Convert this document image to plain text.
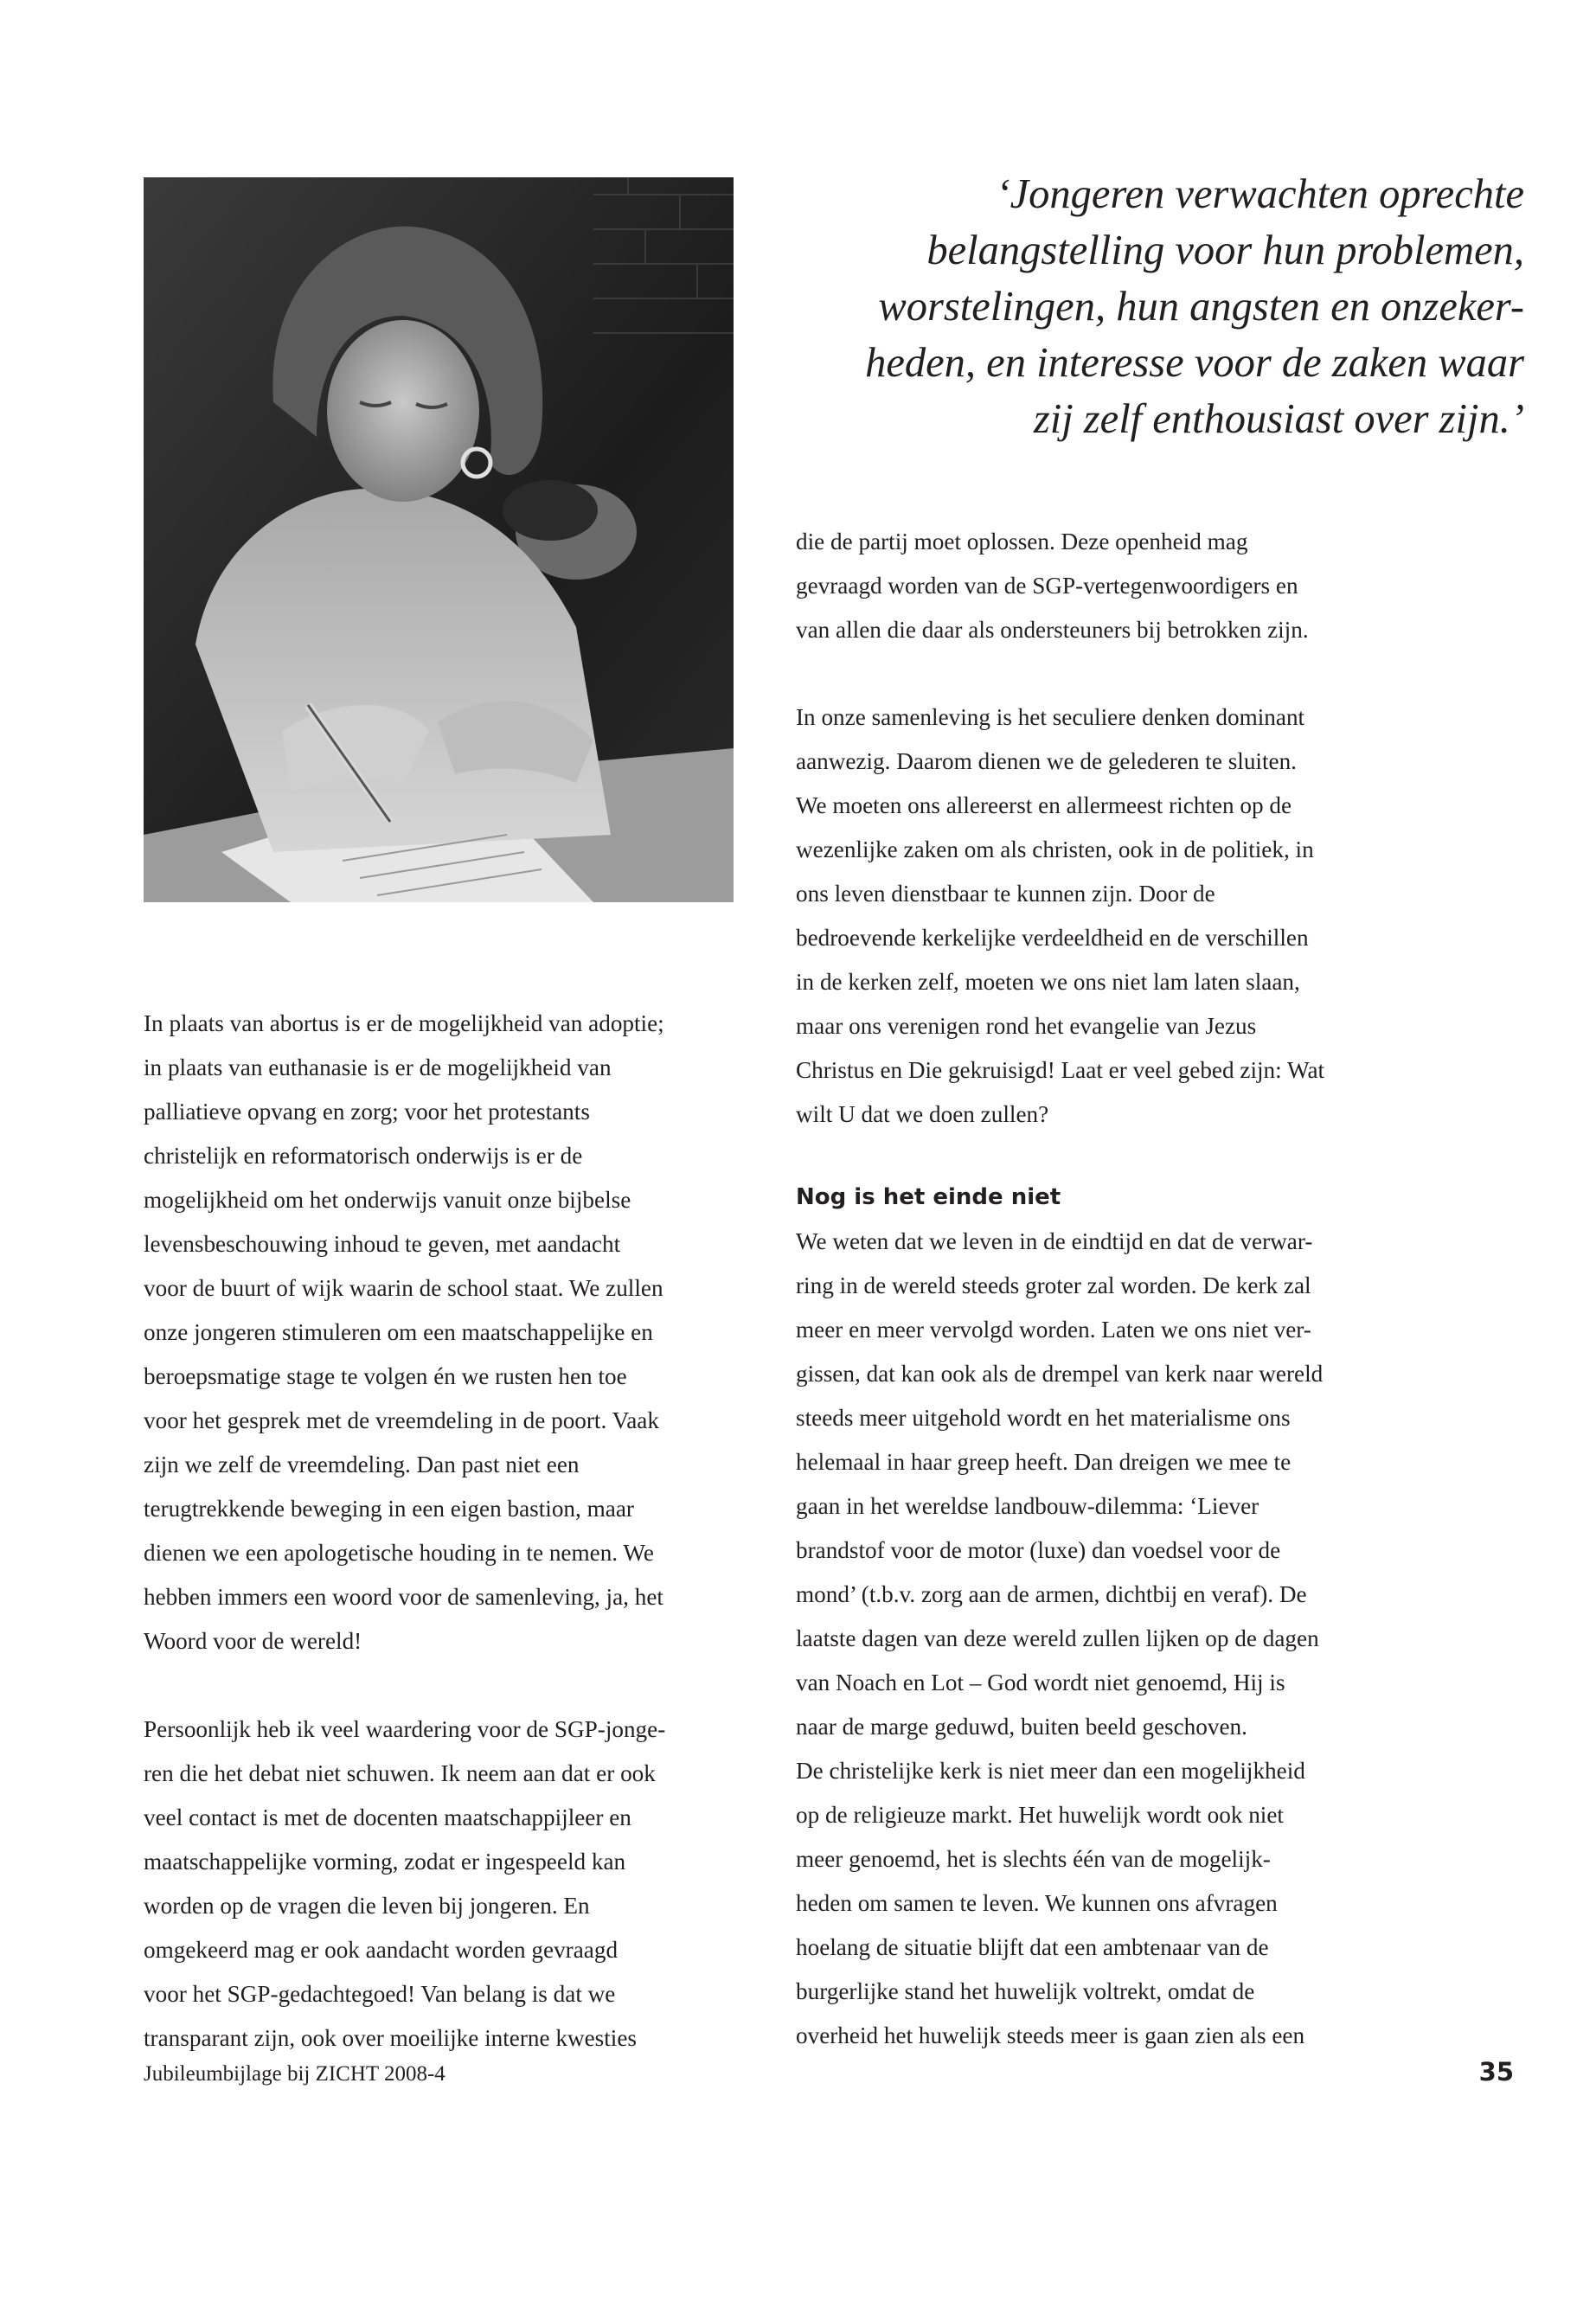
‘Jongeren verwachten oprechte
belangstelling voor hun problemen,
worstelingen, hun angsten en onzeker-
heden, en interesse voor de zaken waar
zij zelf enthousiast over zijn.’
die de partij moet oplossen. Deze openheid mag
gevraagd worden van de SGP-vertegenwoordigers en
van allen die daar als ondersteuners bij betrokken zijn.
In onze samenleving is het seculiere denken dominant
aanwezig. Daarom dienen we de gelederen te sluiten.
We moeten ons allereerst en allermeest richten op de
wezenlijke zaken om als christen, ook in de politiek, in
ons leven dienstbaar te kunnen zijn. Door de
bedroevende kerkelijke verdeeldheid en de verschillen
in de kerken zelf, moeten we ons niet lam laten slaan,
maar ons verenigen rond het evangelie van Jezus
Christus en Die gekruisigd! Laat er veel gebed zijn: Wat
wilt U dat we doen zullen?
Nog is het einde niet
We weten dat we leven in de eindtijd en dat de verwar-
ring in de wereld steeds groter zal worden. De kerk zal
meer en meer vervolgd worden. Laten we ons niet ver-
gissen, dat kan ook als de drempel van kerk naar wereld
steeds meer uitgehold wordt en het materialisme ons
helemaal in haar greep heeft. Dan dreigen we mee te
gaan in het wereldse landbouw-dilemma: ‘Liever
brandstof voor de motor (luxe) dan voedsel voor de
mond’ (t.b.v. zorg aan de armen, dichtbij en veraf). De
laatste dagen van deze wereld zullen lijken op de dagen
van Noach en Lot – God wordt niet genoemd, Hij is
naar de marge geduwd, buiten beeld geschoven.
De christelijke kerk is niet meer dan een mogelijkheid
op de religieuze markt. Het huwelijk wordt ook niet
meer genoemd, het is slechts één van de mogelijk-
heden om samen te leven. We kunnen ons afvragen
hoelang de situatie blijft dat een ambtenaar van de
burgerlijke stand het huwelijk voltrekt, omdat de
overheid het huwelijk steeds meer is gaan zien als een
In plaats van abortus is er de mogelijkheid van adoptie;
in plaats van euthanasie is er de mogelijkheid van
palliatieve opvang en zorg; voor het protestants
christelijk en reformatorisch onderwijs is er de
mogelijkheid om het onderwijs vanuit onze bijbelse
levensbeschouwing inhoud te geven, met aandacht
voor de buurt of wijk waarin de school staat. We zullen
onze jongeren stimuleren om een maatschappelijke en
beroepsmatige stage te volgen én we rusten hen toe
voor het gesprek met de vreemdeling in de poort. Vaak
zijn we zelf de vreemdeling. Dan past niet een
terugtrekkende beweging in een eigen bastion, maar
dienen we een apologetische houding in te nemen. We
hebben immers een woord voor de samenleving, ja, het
Woord voor de wereld!
Persoonlijk heb ik veel waardering voor de SGP-jonge-
ren die het debat niet schuwen. Ik neem aan dat er ook
veel contact is met de docenten maatschappijleer en
maatschappelijke vorming, zodat er ingespeeld kan
worden op de vragen die leven bij jongeren. En
omgekeerd mag er ook aandacht worden gevraagd
voor het SGP-gedachtegoed! Van belang is dat we
transparant zijn, ook over moeilijke interne kwesties
Jubileumbijlage bij ZICHT 2008-4	35
